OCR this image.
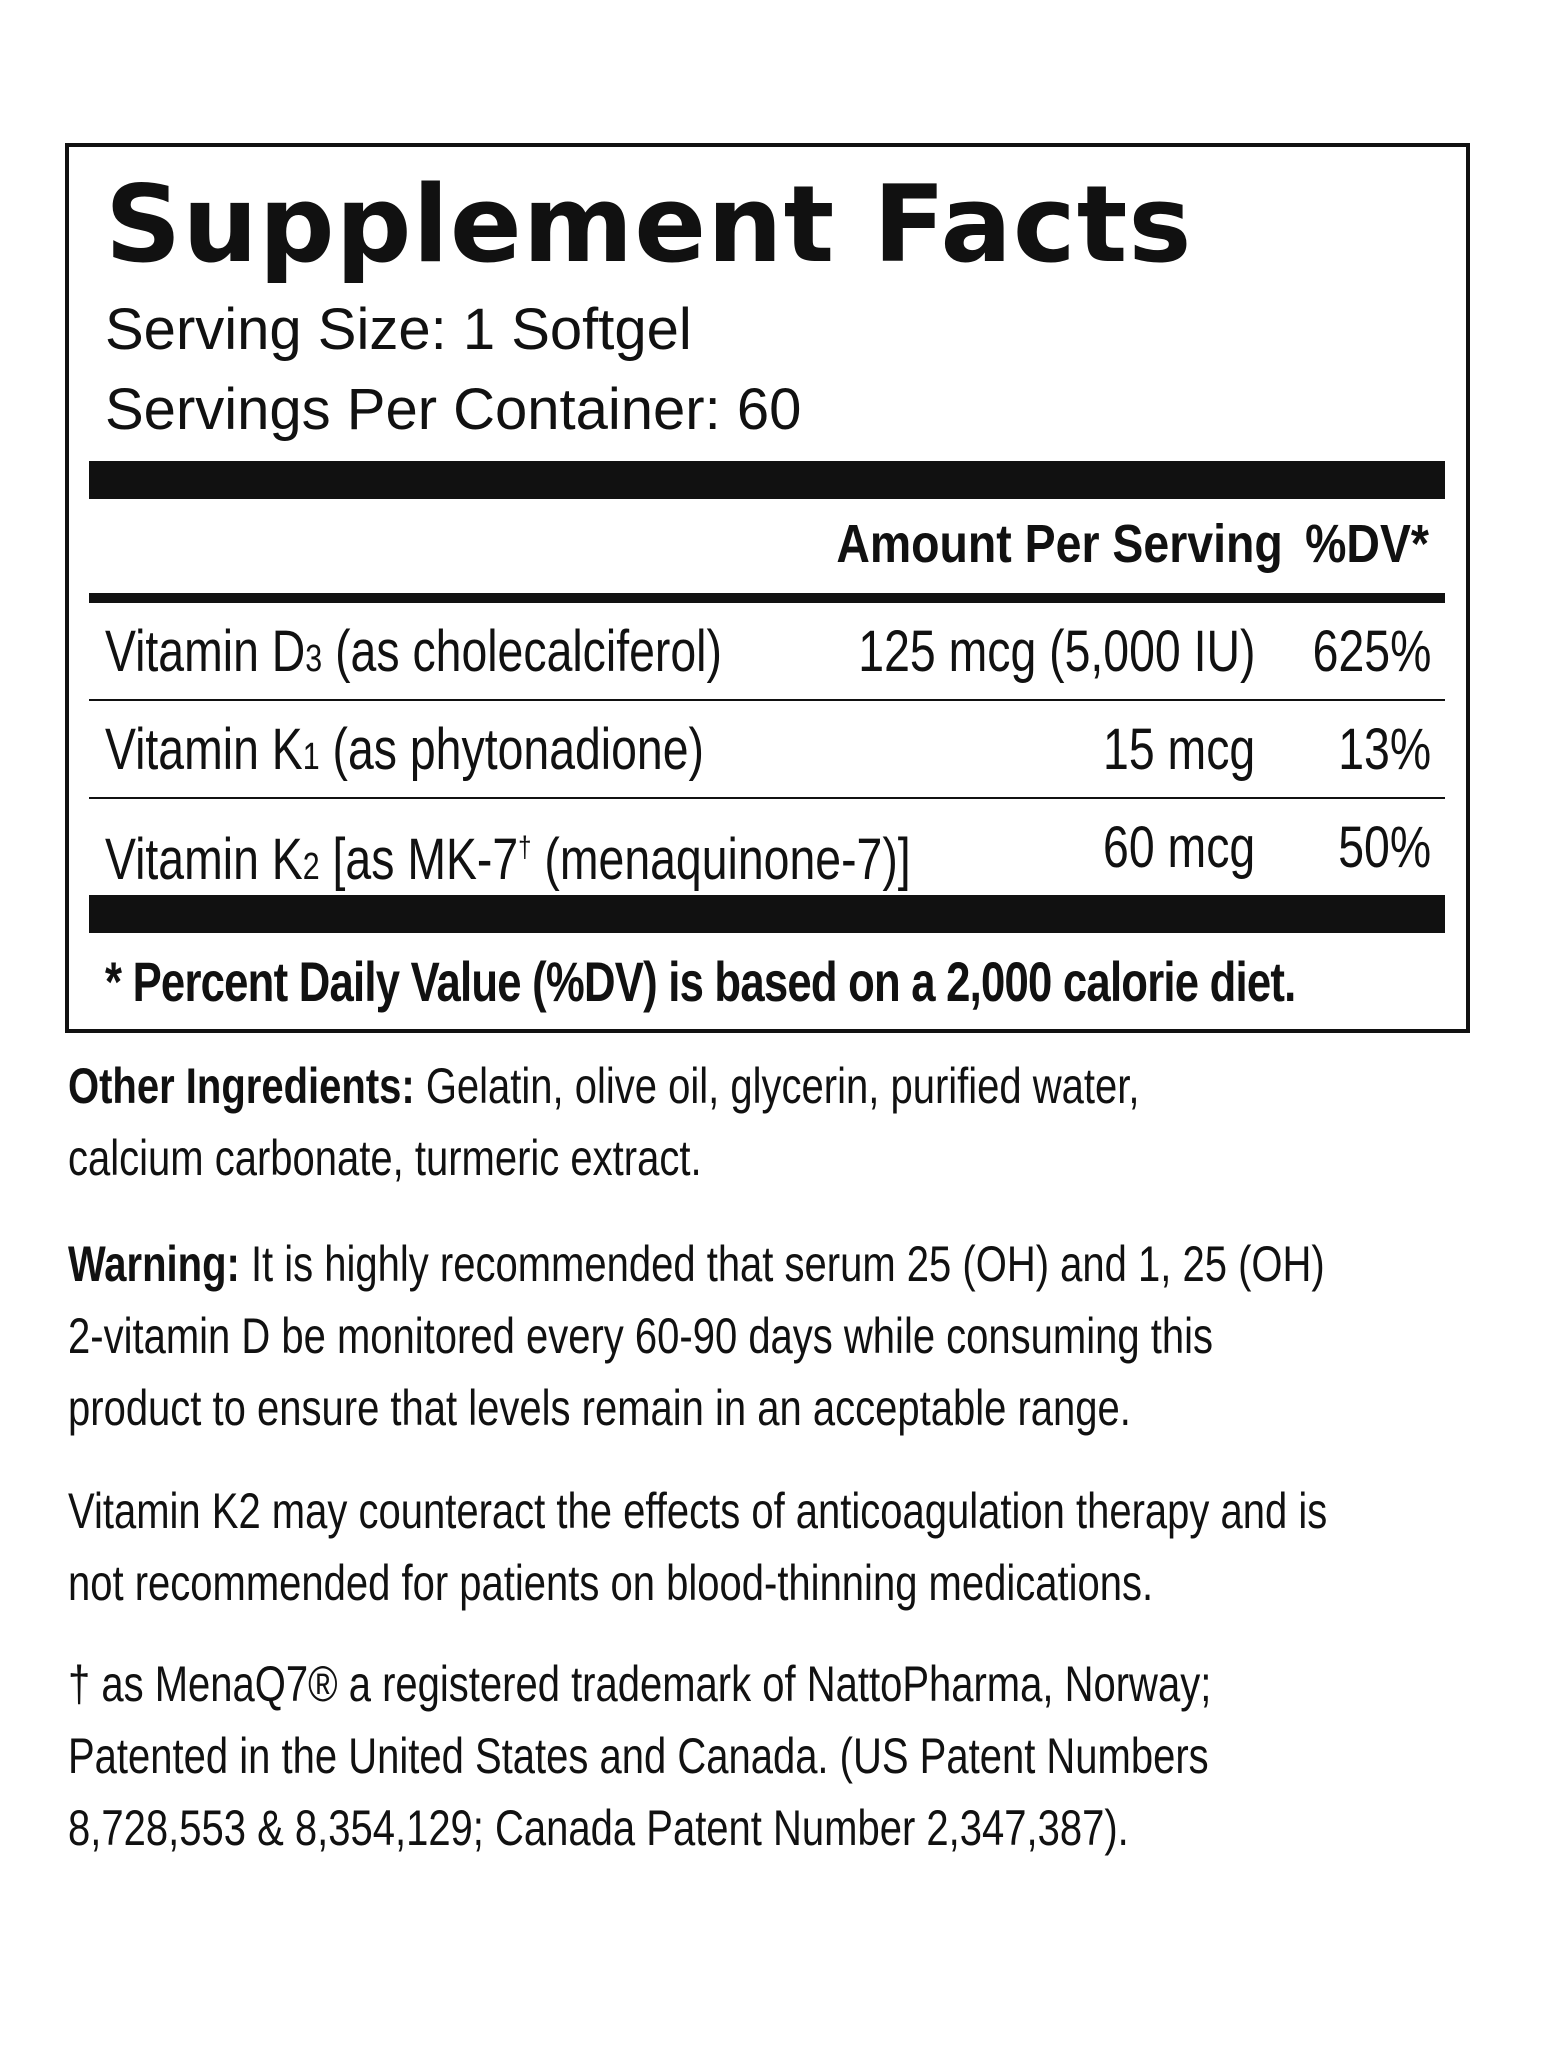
Supplement Facts
Serving Size: 1 Softgel
Servings Per Container: 60
Amount Per Serving %DV*
Vitamin D3 (as cholecalciferol) 125 mcg (5,000 IU) 625%
Vitamin K1 (as phytonadione)	15 mcg 13%
Vitamin K2 [as MK-7† (menaquinone-7)]	60 mcg 50%
* Percent Daily Value (%DV) is based on a 2,000 calorie diet.
Other Ingredients: Gelatin, olive oil, glycerin, purified water,
calcium carbonate, turmeric extract.
Warning: It is highly recommended that serum 25 (OH) and 1, 25 (OH)
2-vitamin D be monitored every 60-90 days while consuming this
product to ensure that levels remain in an acceptable range.
Vitamin K2 may counteract the effects of anticoagulation therapy and is
not recommended for patients on blood-thinning medications.
† as MenaQ7® a registered trademark of NattoPharma, Norway;
Patented in the United States and Canada. (US Patent Numbers
8,728,553 & 8,354,129; Canada Patent Number 2,347,387).
